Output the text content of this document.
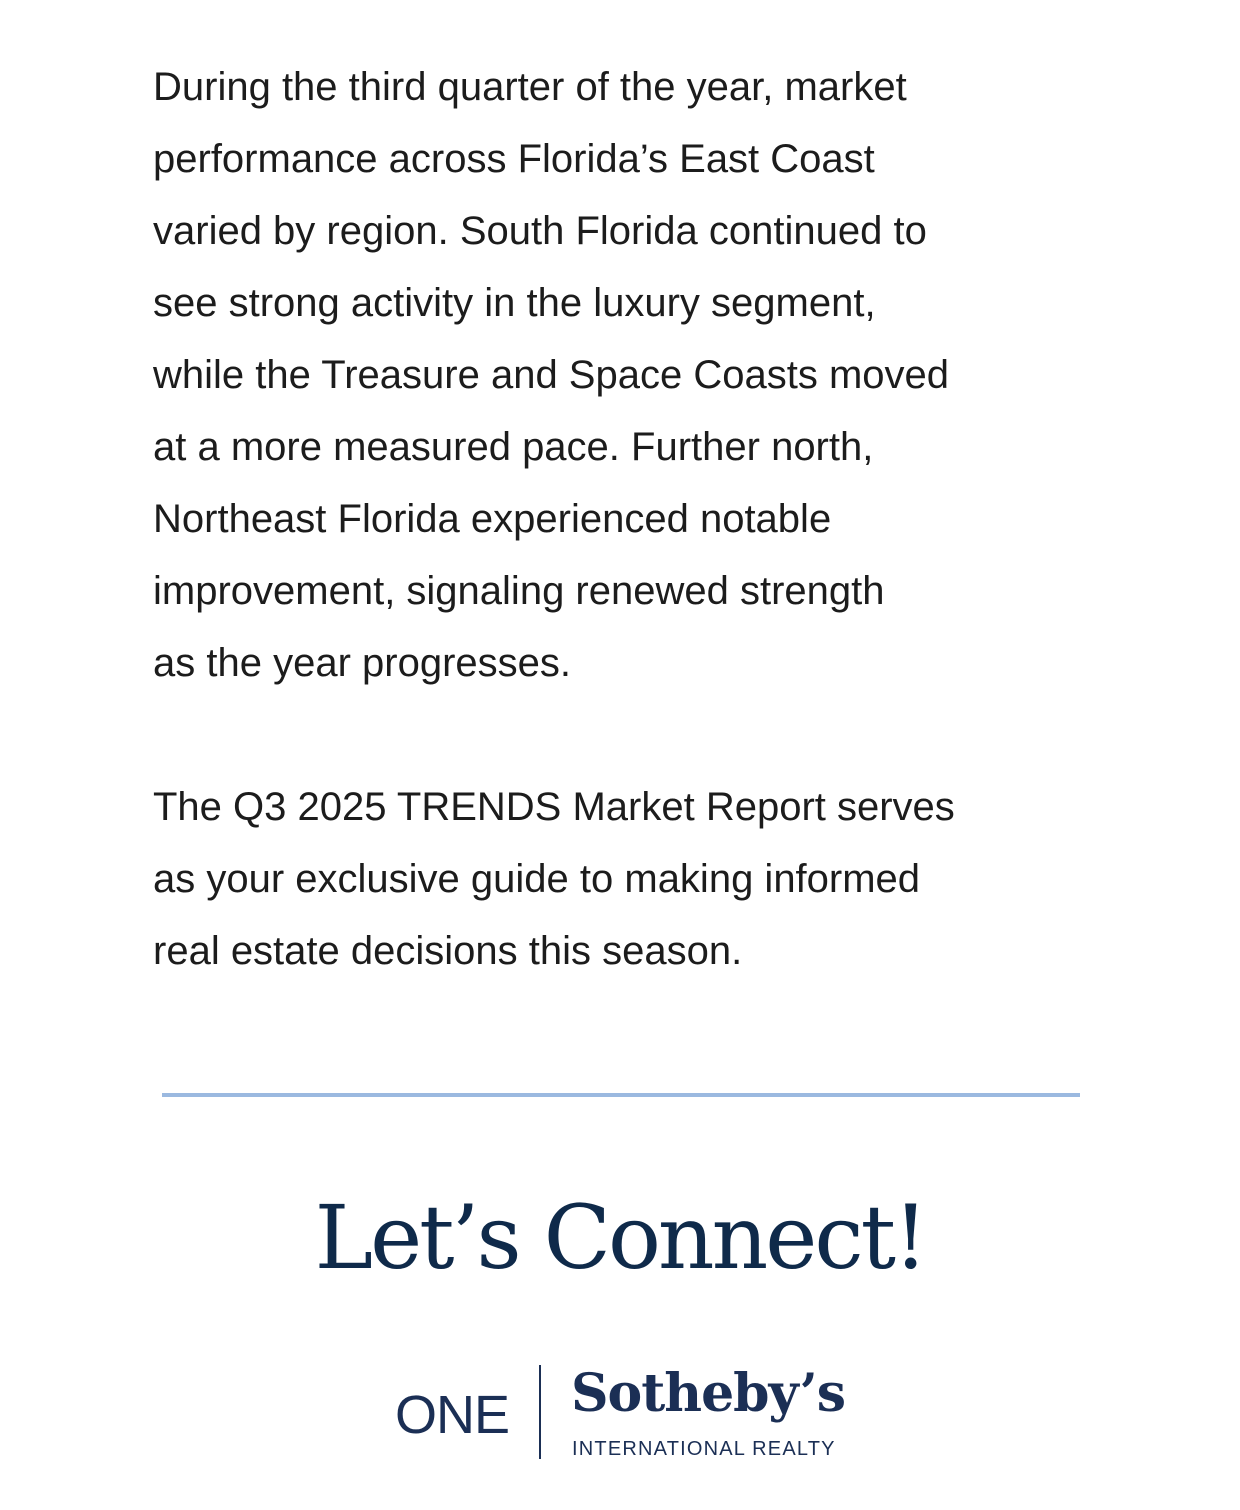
During the third quarter of the year, market
performance across Florida’s East Coast
varied by region. South Florida continued to
see strong activity in the luxury segment,
while the Treasure and Space Coasts moved
at a more measured pace. Further north,
Northeast Florida experienced notable
improvement, signaling renewed strength
as the year progresses.

The Q3 2025 TRENDS Market Report serves
as your exclusive guide to making informed
real estate decisions this season.

Let’s Connect!
ONE Sotheby’s
INTERNATIONAL REALTY
